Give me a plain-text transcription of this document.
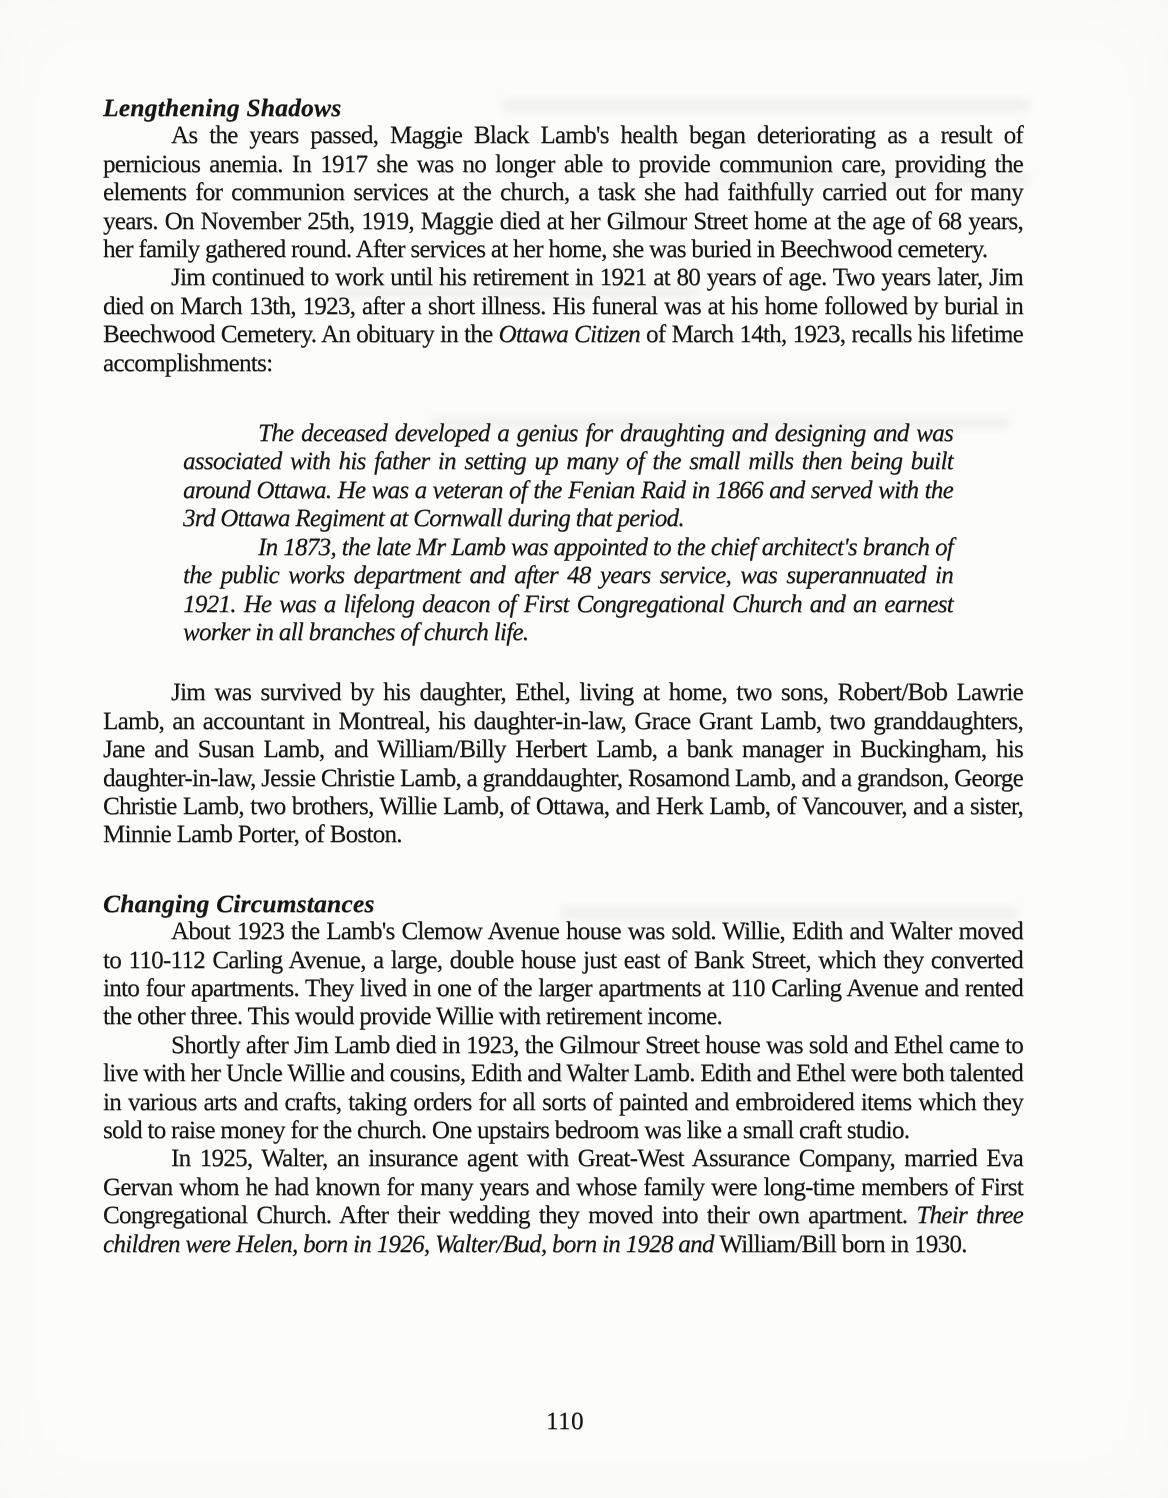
Lengthening Shadows

As the years passed, Maggie Black Lamb's health began deteriorating as a result of pernicious anemia. In 1917 she was no longer able to provide communion care, providing the elements for communion services at the church, a task she had faithfully carried out for many years. On November 25th, 1919, Maggie died at her Gilmour Street home at the age of 68 years, her family gathered round. After services at her home, she was buried in Beechwood cemetery.

Jim continued to work until his retirement in 1921 at 80 years of age. Two years later, Jim died on March 13th, 1923, after a short illness. His funeral was at his home followed by burial in Beechwood Cemetery. An obituary in the Ottawa Citizen of March 14th, 1923, recalls his lifetime accomplishments:

The deceased developed a genius for draughting and designing and was associated with his father in setting up many of the small mills then being built around Ottawa. He was a veteran of the Fenian Raid in 1866 and served with the 3rd Ottawa Regiment at Cornwall during that period.

In 1873, the late Mr Lamb was appointed to the chief architect's branch of the public works department and after 48 years service, was superannuated in 1921. He was a lifelong deacon of First Congregational Church and an earnest worker in all branches of church life.

Jim was survived by his daughter, Ethel, living at home, two sons, Robert/Bob Lawrie Lamb, an accountant in Montreal, his daughter-in-law, Grace Grant Lamb, two granddaughters, Jane and Susan Lamb, and William/Billy Herbert Lamb, a bank manager in Buckingham, his daughter-in-law, Jessie Christie Lamb, a granddaughter, Rosamond Lamb, and a grandson, George Christie Lamb, two brothers, Willie Lamb, of Ottawa, and Herk Lamb, of Vancouver, and a sister, Minnie Lamb Porter, of Boston.

Changing Circumstances

About 1923 the Lamb's Clemow Avenue house was sold. Willie, Edith and Walter moved to 110-112 Carling Avenue, a large, double house just east of Bank Street, which they converted into four apartments. They lived in one of the larger apartments at 110 Carling Avenue and rented the other three. This would provide Willie with retirement income.

Shortly after Jim Lamb died in 1923, the Gilmour Street house was sold and Ethel came to live with her Uncle Willie and cousins, Edith and Walter Lamb. Edith and Ethel were both talented in various arts and crafts, taking orders for all sorts of painted and embroidered items which they sold to raise money for the church. One upstairs bedroom was like a small craft studio.

In 1925, Walter, an insurance agent with Great-West Assurance Company, married Eva Gervan whom he had known for many years and whose family were long-time members of First Congregational Church. After their wedding they moved into their own apartment. Their three children were Helen, born in 1926, Walter/Bud, born in 1928 and William/Bill born in 1930.

110
